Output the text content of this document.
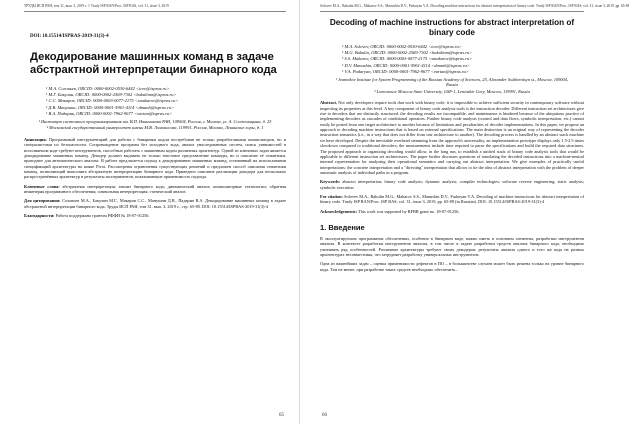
ТРУДЫ ИСП РАН, том 31, вып. 3, 2019 г. // Trudy ISP RAN/Proc. ISP RAS, vol. 31, issue 3, 2019
DOI: 10.15514/ISPRAS-2019-31(3)-4
Декодирование машинных команд в задаче абстрактной интерпретации бинарного кода
¹ М.А. Соловьев, ORCID: 0000-0002-0530-6442 <icee@ispras.ru>
¹ М.Г. Бакулин, ORCID: 0000-0002-2569-7302 <bakulinm@ispras.ru>
¹ С.С. Макаров, ORCID: 0000-0003-0077-2175 <smakarov@ispras.ru>
¹ Д.В. Манушин, ORCID: 0000-0001-5961-4114 <dmanh@ispras.ru>
¹ В.А. Падарян, ORCID: 0000-0001-7962-9677 <vartan@ispras.ru>
¹ Институт системного программирования им. В.П. Иванникова РАН, 109004, Россия, г. Москва, ул. А. Солженицына, д. 25
² Московский государственный университет имени М.В. Ломоносова, 119991, Россия, Москва, Ленинские горы, д. 1
Аннотация. Программный инструментарий для работы с бинарным кодом востребован не только разработчиками компиляторов, но и специалистами по безопасности. Сопровождение программ без исходного кода, анализ унаследованных систем, поиск уязвимостей в исполняемом коде требуют инструментов, способных работать с машинным кодом различных архитектур. Одной из ключевых задач является декодирование машинных команд. Декодер должен выдавать не только текстовое представление команды, но и описание её семантики, пригодное для автоматического анализа. В работе предлагается подход к декодированию машинных команд, основанный на использовании спецификаций архитектуры на языке Pivot. Рассмотрены ограничения существующих решений и предложен способ описания семантики команд, позволяющий выполнять абстрактную интерпретацию бинарного кода. Приведено описание реализации декодера для нескольких распространённых архитектур и результаты экспериментов, показывающие применимость подхода.
Ключевые слова: абстрактная интерпретация; анализ бинарного кода; динамический анализ; компиляторные технологии; обратная инженерия программного обеспечения; символьная интерпретация; статический анализ.
Для цитирования: Соловьев М.А., Бакулин М.Г., Макаров С.С., Манушин Д.В., Падарян В.А. Декодирование машинных команд в задаче абстрактной интерпретации бинарного кода. Труды ИСП РАН, том 31, вып. 3, 2019 г., стр. 65-88. DOI: 10.15514/ISPRAS-2019-31(3)-4
Благодарности: Работа поддержана грантом РФФИ № 18-07-01256.
65
Solovev M.A., Bakulin M.G., Makarov S.S., Manushin D.V., Padaryan V.A. Decoding machine instructions for abstract interpretation of binary code. Trudy ISP RAN/Proc. ISP RAS, vol. 31, issue 3, 2019. pp. 65-88
Decoding of machine instructions for abstract interpretation of binary code
¹ M.A. Solovev, ORCID: 0000-0002-0530-6442 <icee@ispras.ru>
¹ M.G. Bakulin, ORCID: 0000-0002-2569-7302 <bakulinm@ispras.ru>
¹ S.S. Makarov, ORCID: 0000-0003-0077-2175 <smakarov@ispras.ru>
¹ D.V. Manushin, ORCID: 0000-0001-5961-4114 <dmanh@ispras.ru>
¹ V.A. Padaryan, ORCID: 0000-0001-7962-9677 <vartan@ispras.ru>
¹ Ivannikov Institute for System Programming of the Russian Academy of Sciences, 25, Alexander Solzhenitsyn st., Moscow, 109004, Russia
² Lomonosov Moscow State University, GSP-1, Leninskie Gory, Moscow, 119991, Russia
Abstract. Not only developers require tools that work with binary code: it is impossible to achieve sufficient security in contemporary software without inspecting its properties at this level. A key component of binary code analysis tools is the instruction decoder. Different instruction set architectures give rise to decoders that are distinctly structured, the decoding results are incompatible, and maintenance is hindered because of the ubiquitous practice of implementing decoders as cascades of conditional operators. Further binary code analysis (control and data flows, symbolic interpretation, etc.) cannot easily be ported from one target architecture to another because of limitations and peculiarities of decoder implementations. In this paper, we propose an approach to decoding machine instructions that is based on external specifications. The main distinction is an original way of representing the decoder instruction semantics (i.e., in a way that does not differ from one architecture to another). The decoding process is handled by an abstract stack machine we have developed. Despite the inevitable overhead stemming from the approach's universality, an implementation prototype displays only 1.5-2.5 times slowdown compared to traditional decoders; the measurements include time required to parse the specifications and build the required data structures. The proposed approach to organizing decoding would allow, in the long run, to establish a unified stack of binary code analysis tools that would be applicable to different instruction set architectures. The paper further discusses questions of translating the decoded instructions into a machine-neutral internal representation for analyzing their operational semantics and carrying out abstract interpretation. We give examples of practically useful interpretations: the concrete interpretation and a "directing" interpretation that allows to tie the idea of abstract interpretation with the problem of deeper automatic analysis of individual paths in a program.
Keywords: abstract interpretation; binary code analysis; dynamic analysis; compiler technologies; software reverse engineering; static analysis; symbolic execution
For citation: Solovev M.A., Bakulin M.G., Makarov S.S., Manushin D.V., Padaryan V.A. Decoding of machine instructions for abstract interpretation of binary code. Trudy ISP RAN/Proc. ISP RAS, vol. 31, issue 3, 2019, pp. 65-88 (in Russian). DOI: 10.15514/ISPRAS-2019-31(3)-4
Acknowledgements: This work was supported by RFBR grant no. 18-07-01256.
1. Введение
В эксплуатируемом программном обеспечении, особенно в бинарном виде, важно иметь в основном элементы, разработки инструментов анализа. В контексте разработки инструментов анализа, в том числе в задаче разработки средств анализа бинарного кода, необходимо учитывать ряд особенностей. Различные архитектуры требуют своих декодеров; результаты анализа одного и того же кода на разных архитектурах несовместимы, что затрудняет разработку универсальных инструментов.
Одна из важнейших задач – оценка применимости дефектов в ПО – в большинстве случаев может быть решена только на уровне бинарного кода. Тем не менее, при разработке таких средств необходимо обеспечить...
66
